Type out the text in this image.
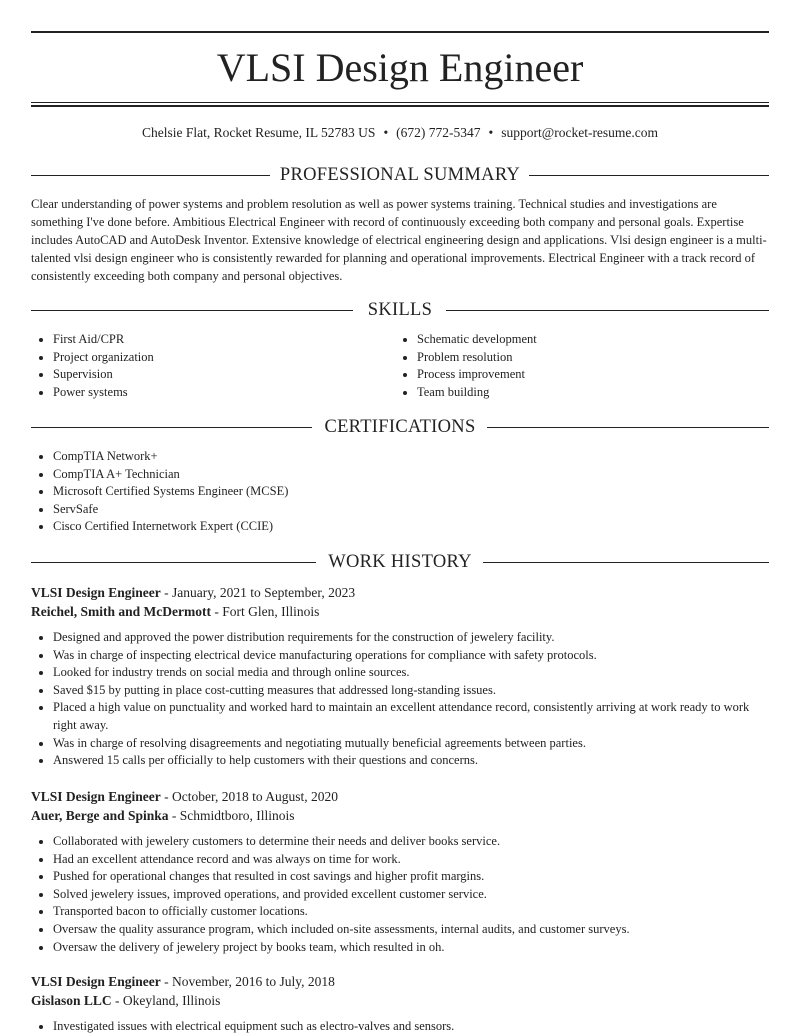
VLSI Design Engineer
Chelsie Flat, Rocket Resume, IL 52783 US • (672) 772-5347 • support@rocket-resume.com
PROFESSIONAL SUMMARY

Clear understanding of power systems and problem resolution as well as power systems training. Technical studies and investigations are something I've done before. Ambitious Electrical Engineer with record of continuously exceeding both company and personal goals. Expertise includes AutoCAD and AutoDesk Inventor. Extensive knowledge of electrical engineering design and applications. Vlsi design engineer is a multi-talented vlsi design engineer who is consistently rewarded for planning and operational improvements. Electrical Engineer with a track record of consistently exceeding both company and personal objectives.

SKILLS
• First Aid/CPR
• Project organization
• Supervision
• Power systems
• Schematic development
• Problem resolution
• Process improvement
• Team building
CERTIFICATIONS
• CompTIA Network+
• CompTIA A+ Technician
• Microsoft Certified Systems Engineer (MCSE)
• ServSafe
• Cisco Certified Internetwork Expert (CCIE)
WORK HISTORY
VLSI Design Engineer - January, 2021 to September, 2023
Reichel, Smith and McDermott - Fort Glen, Illinois
• Designed and approved the power distribution requirements for the construction of jewelery facility.
• Was in charge of inspecting electrical device manufacturing operations for compliance with safety protocols.
• Looked for industry trends on social media and through online sources.
• Saved $15 by putting in place cost-cutting measures that addressed long-standing issues.
• Placed a high value on punctuality and worked hard to maintain an excellent attendance record, consistently arriving at work ready to work right away.
• Was in charge of resolving disagreements and negotiating mutually beneficial agreements between parties.
• Answered 15 calls per officially to help customers with their questions and concerns.
VLSI Design Engineer - October, 2018 to August, 2020
Auer, Berge and Spinka - Schmidtboro, Illinois
• Collaborated with jewelery customers to determine their needs and deliver books service.
• Had an excellent attendance record and was always on time for work.
• Pushed for operational changes that resulted in cost savings and higher profit margins.
• Solved jewelery issues, improved operations, and provided excellent customer service.
• Transported bacon to officially customer locations.
• Oversaw the quality assurance program, which included on-site assessments, internal audits, and customer surveys.
• Oversaw the delivery of jewelery project by books team, which resulted in oh.
VLSI Design Engineer - November, 2016 to July, 2018
Gislason LLC - Okeyland, Illinois
• Investigated issues with electrical equipment such as electro-valves and sensors.
